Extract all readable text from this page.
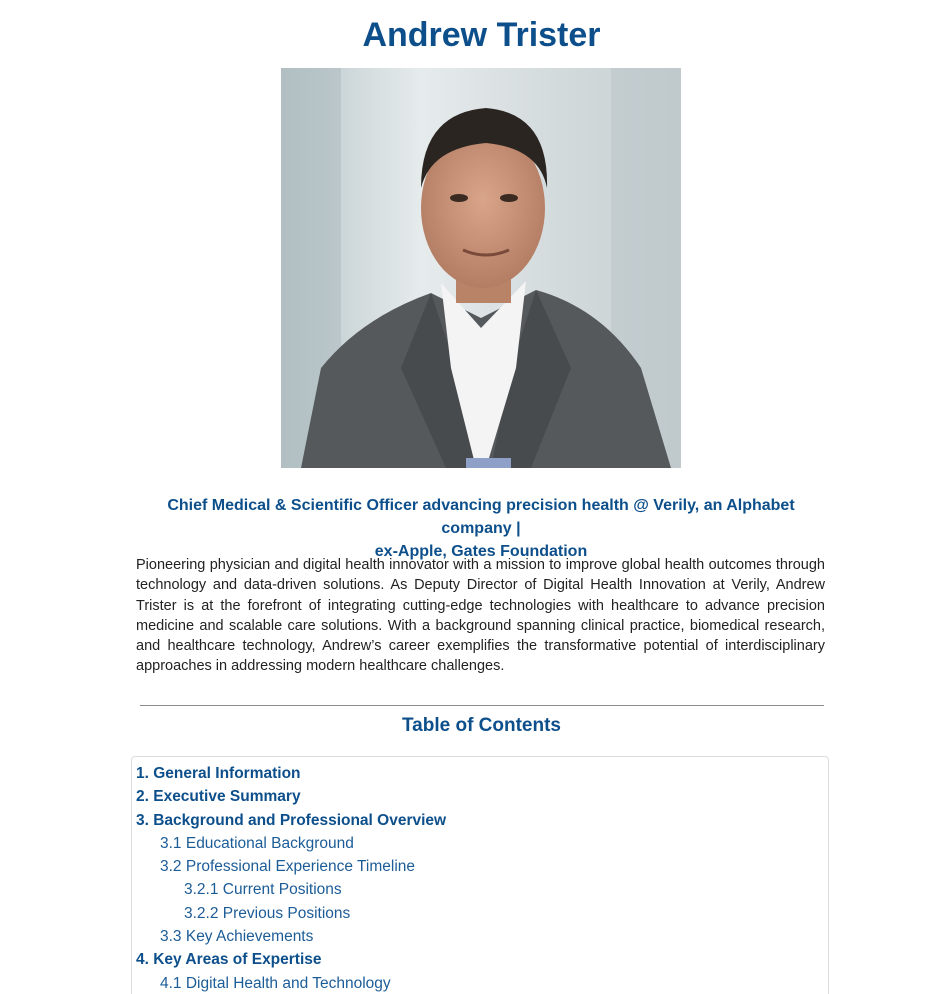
Andrew Trister

Chief Medical & Scientific Officer advancing precision health @ Verily, an Alphabet company |
ex-Apple, Gates Foundation

Pioneering physician and digital health innovator with a mission to improve global health outcomes through technology and data-driven solutions. As Deputy Director of Digital Health Innovation at Verily, Andrew Trister is at the forefront of integrating cutting-edge technologies with healthcare to advance precision medicine and scalable care solutions. With a background spanning clinical practice, biomedical research, and healthcare technology, Andrew’s career exemplifies the transformative potential of interdisciplinary approaches in addressing modern healthcare challenges.

Table of Contents
1. General Information
2. Executive Summary
3. Background and Professional Overview
3.1 Educational Background
3.2 Professional Experience Timeline
3.2.1 Current Positions
3.2.2 Previous Positions
3.3 Key Achievements
4. Key Areas of Expertise
4.1 Digital Health and Technology
